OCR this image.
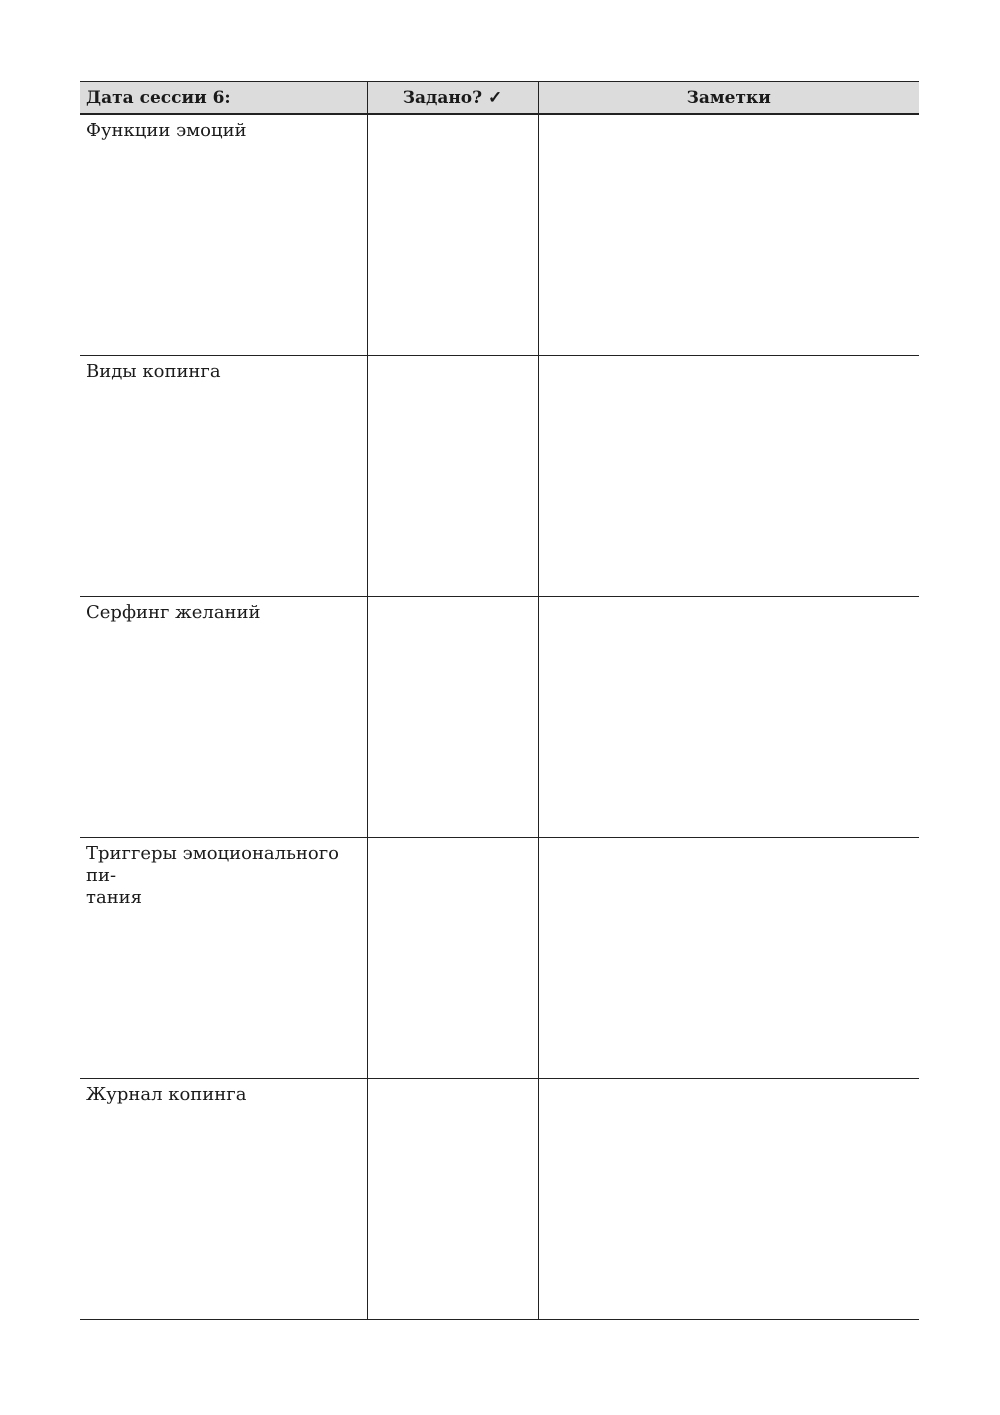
Дата сессии 6:	Задано? ✓	Заметки

Функции эмоций		

Виды копинга		

Серфинг желаний		

Триггеры эмоционального пи-
тания		

Журнал копинга		
